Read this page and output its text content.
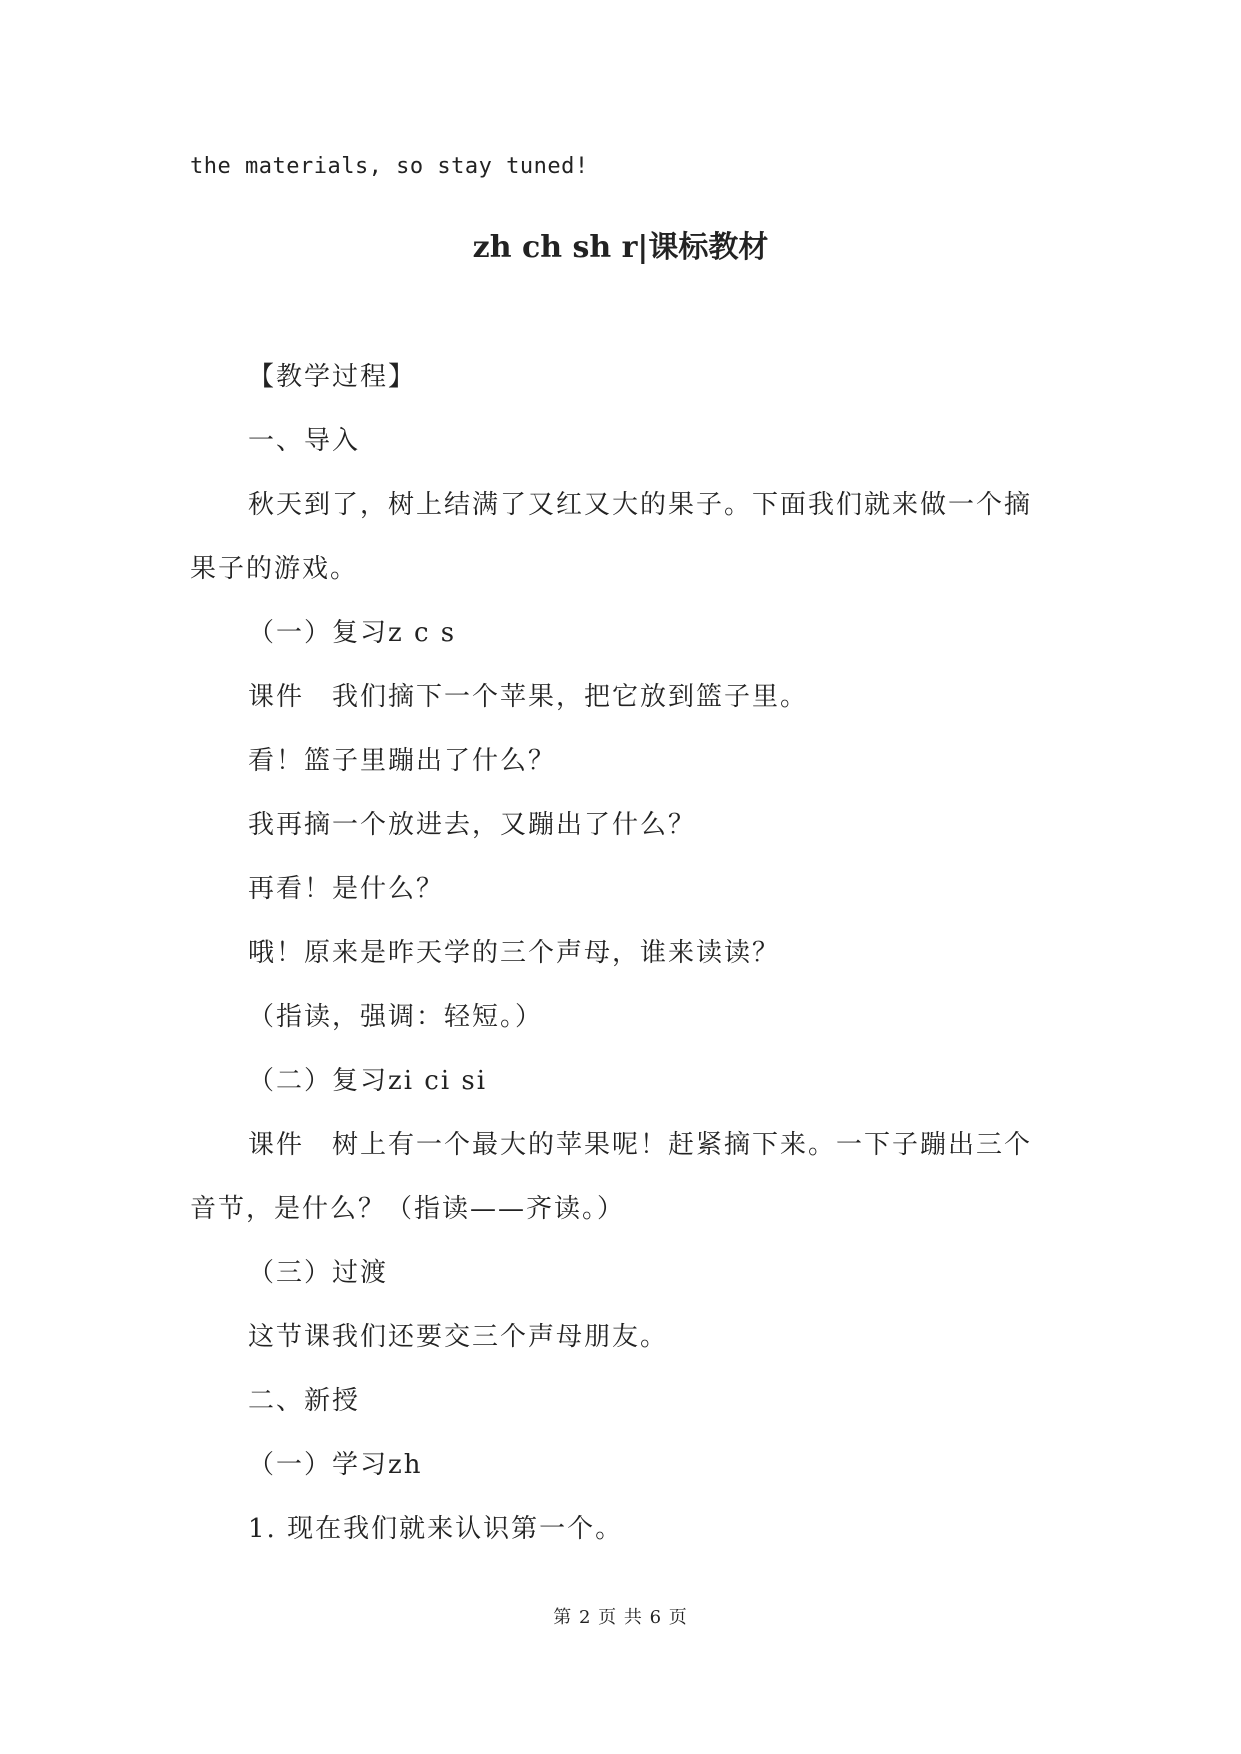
the materials, so stay tuned!
zh ch sh r|课标教材
【教学过程】
一、导入
秋天到了，树上结满了又红又大的果子。下面我们就来做一个摘
果子的游戏。
（一）复习z c s
课件　我们摘下一个苹果，把它放到篮子里。
看！篮子里蹦出了什么？
我再摘一个放进去，又蹦出了什么？
再看！是什么？
哦！原来是昨天学的三个声母，谁来读读？
（指读，强调：轻短。）
（二）复习zi ci si
课件　树上有一个最大的苹果呢！赶紧摘下来。一下子蹦出三个
音节，是什么？（指读——齐读。）
（三）过渡
这节课我们还要交三个声母朋友。
二、新授
（一）学习zh
1. 现在我们就来认识第一个。
第 2 页 共 6 页
